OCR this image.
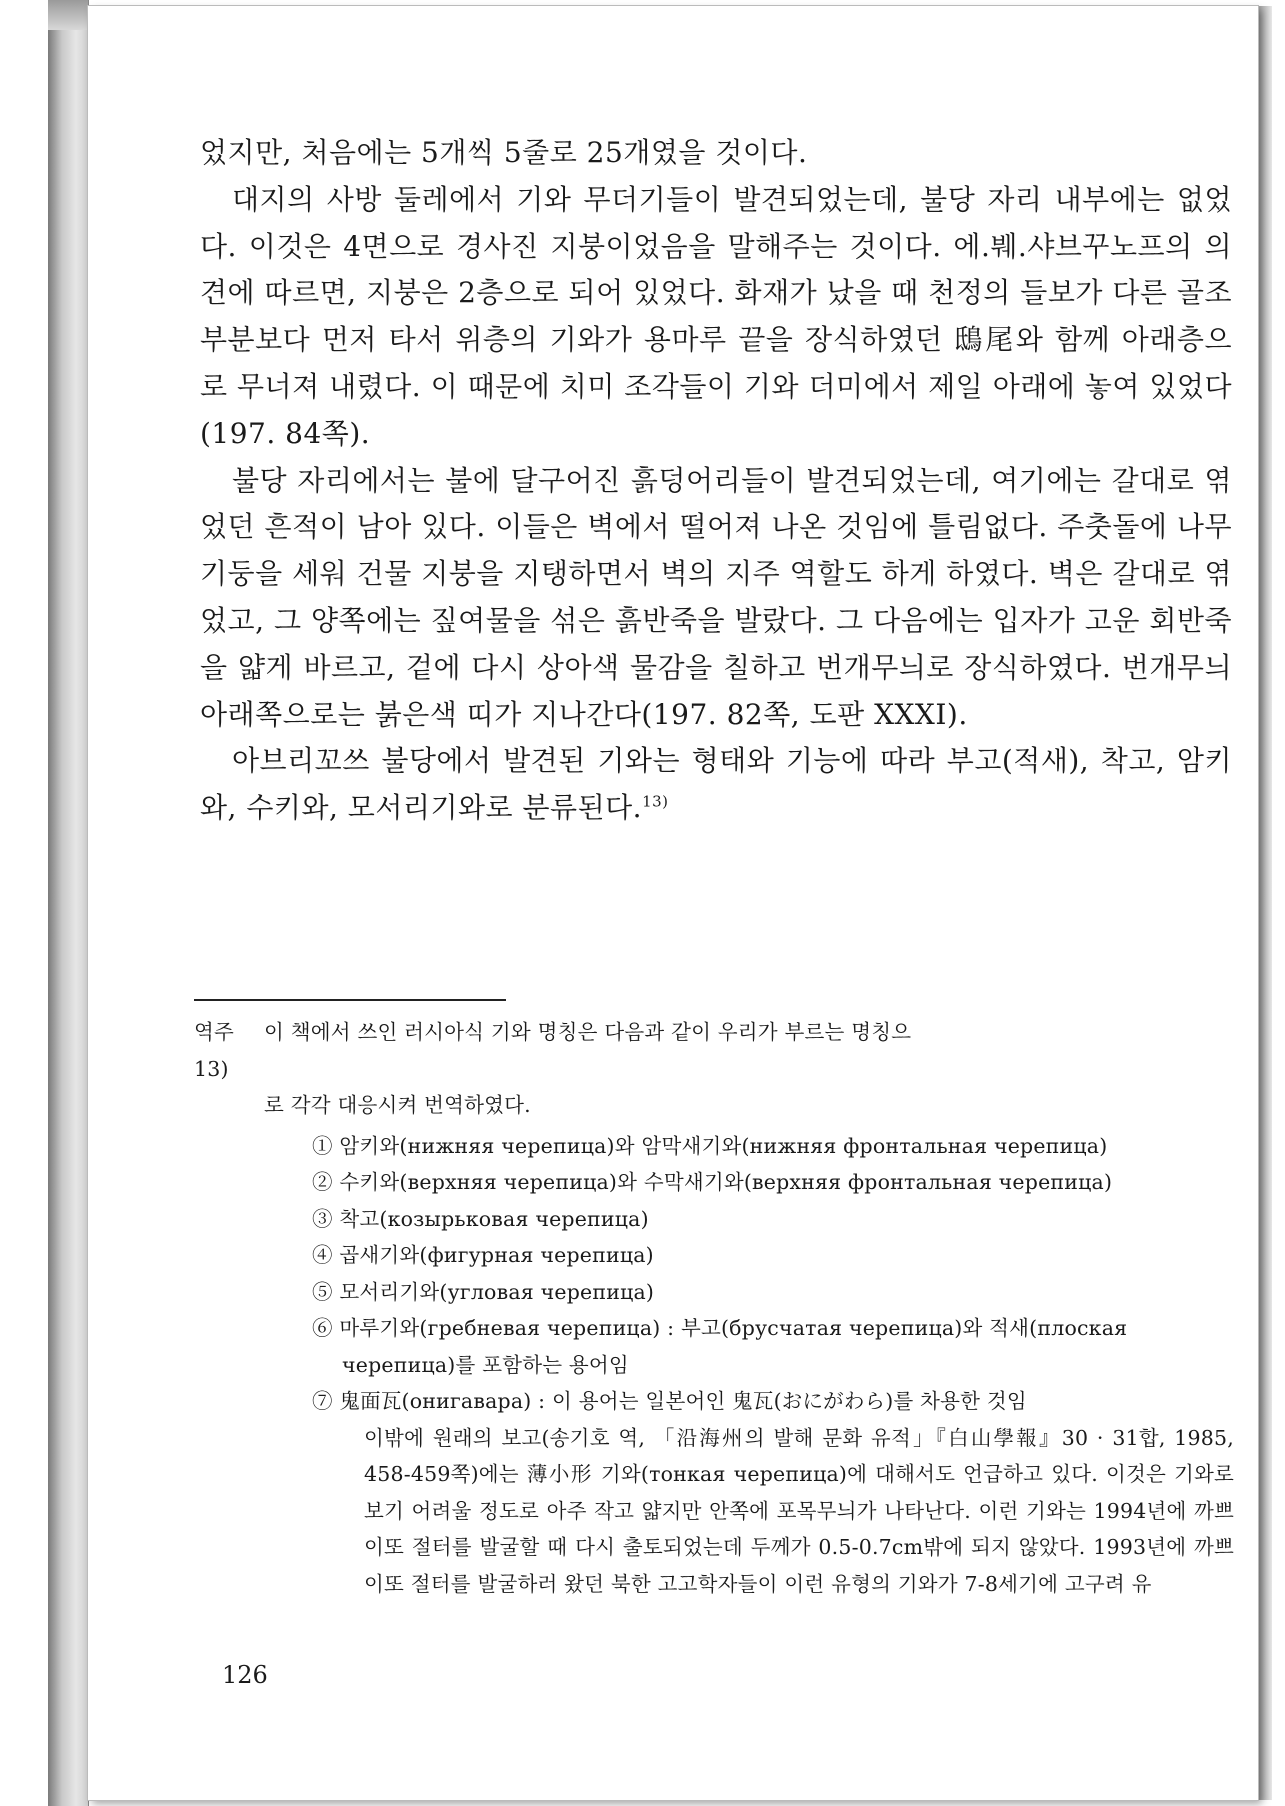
었지만, 처음에는 5개씩 5줄로 25개였을 것이다.

대지의 사방 둘레에서 기와 무더기들이 발견되었는데, 불당 자리 내부에는 없었다. 이것은 4면으로 경사진 지붕이었음을 말해주는 것이다. 에.붸.샤브꾸노프의 의견에 따르면, 지붕은 2층으로 되어 있었다. 화재가 났을 때 천정의 들보가 다른 골조 부분보다 먼저 타서 위층의 기와가 용마루 끝을 장식하였던 鴟尾와 함께 아래층으로 무너져 내렸다. 이 때문에 치미 조각들이 기와 더미에서 제일 아래에 놓여 있었다(197. 84쪽).

불당 자리에서는 불에 달구어진 흙덩어리들이 발견되었는데, 여기에는 갈대로 엮었던 흔적이 남아 있다. 이들은 벽에서 떨어져 나온 것임에 틀림없다. 주춧돌에 나무기둥을 세워 건물 지붕을 지탱하면서 벽의 지주 역할도 하게 하였다. 벽은 갈대로 엮었고, 그 양쪽에는 짚여물을 섞은 흙반죽을 발랐다. 그 다음에는 입자가 고운 회반죽을 얇게 바르고, 겉에 다시 상아색 물감을 칠하고 번개무늬로 장식하였다. 번개무늬 아래쪽으로는 붉은색 띠가 지나간다(197. 82쪽, 도판 XXXI).

아브리꼬쓰 불당에서 발견된 기와는 형태와 기능에 따라 부고(적새), 착고, 암키와, 수키와, 모서리기와로 분류된다.$^{13)}$

역주 13)
이 책에서 쓰인 러시아식 기와 명칭은 다음과 같이 우리가 부르는 명칭으
로 각각 대응시켜 번역하였다.
① 암키와(нижняя черепица)와 암막새기와(нижняя фронтальная черепица)
② 수키와(верхняя черепица)와 수막새기와(верхняя фронтальная черепица)
③ 착고(козырьковая черепица)
④ 곱새기와(фигурная черепица)
⑤ 모서리기와(угловая черепица)
⑥ 마루기와(гребневая черепица) : 부고(брусчатая черепица)와 적새(плоская черепица)를 포함하는 용어임
⑦ 鬼面瓦(онигавара) : 이 용어는 일본어인 鬼瓦(おにがわら)를 차용한 것임
이밖에 원래의 보고(송기호 역, 「沿海州의 발해 문화 유적」『白山學報』30 · 31합, 1985, 458-459쪽)에는 薄小形 기와(тонкая черепица)에 대해서도 언급하고 있다. 이것은 기와로 보기 어려울 정도로 아주 작고 얇지만 안쪽에 포목무늬가 나타난다. 이런 기와는 1994년에 까쁘이또 절터를 발굴할 때 다시 출토되었는데 두께가 0.5-0.7cm밖에 되지 않았다. 1993년에 까쁘이또 절터를 발굴하러 왔던 북한 고고학자들이 이런 유형의 기와가 7-8세기에 고구려 유
126
